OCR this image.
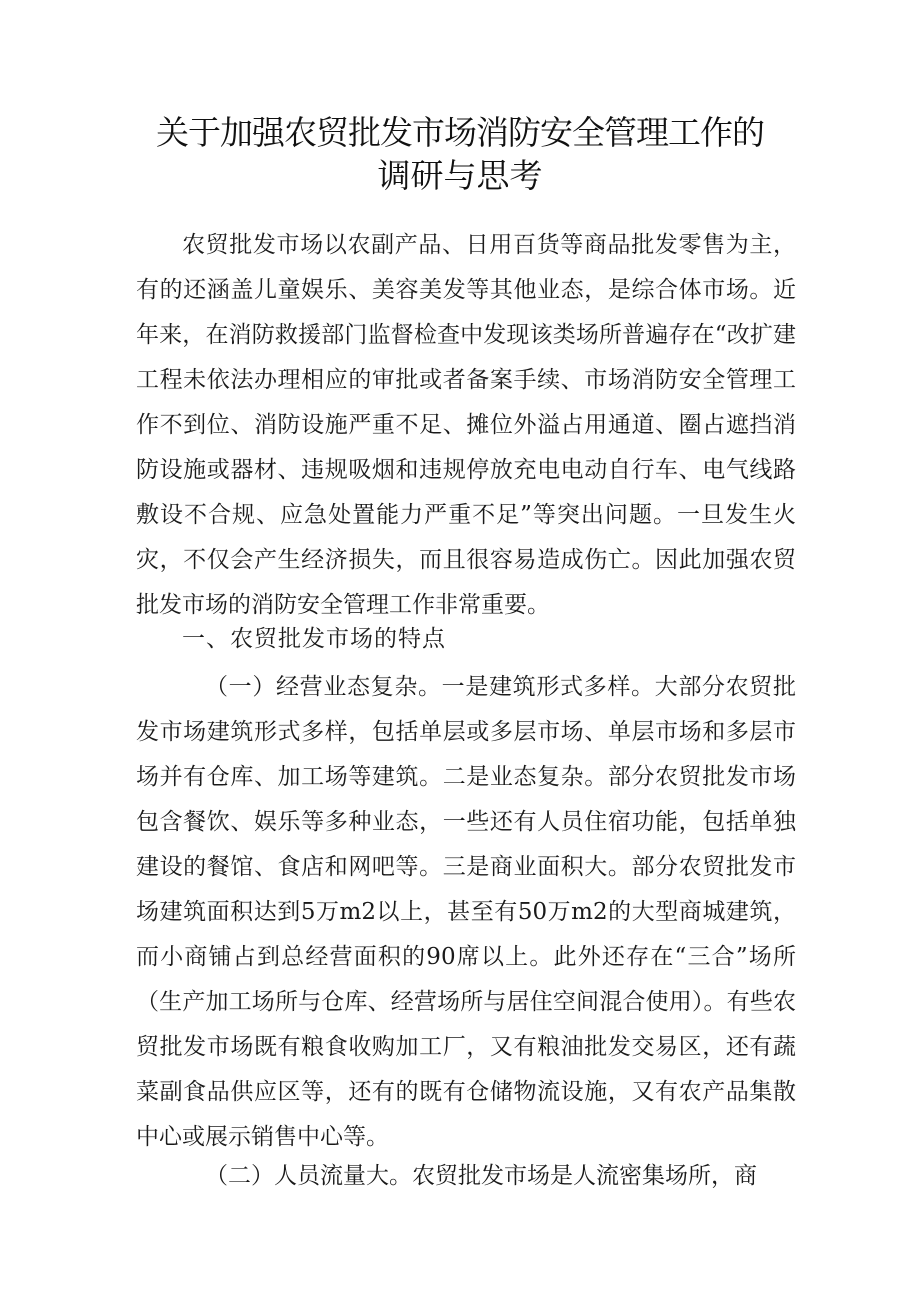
关于加强农贸批发市场消防安全管理工作的
调研与思考

农贸批发市场以农副产品、日用百货等商品批发零售为主，有的还涵盖儿童娱乐、美容美发等其他业态，是综合体市场。近年来，在消防救援部门监督检查中发现该类场所普遍存在“改扩建工程未依法办理相应的审批或者备案手续、市场消防安全管理工作不到位、消防设施严重不足、摊位外溢占用通道、圈占遮挡消防设施或器材、违规吸烟和违规停放充电电动自行车、电气线路敷设不合规、应急处置能力严重不足”等突出问题。一旦发生火灾，不仅会产生经济损失，而且很容易造成伤亡。因此加强农贸批发市场的消防安全管理工作非常重要。

一、农贸批发市场的特点

（一）经营业态复杂。一是建筑形式多样。大部分农贸批发市场建筑形式多样，包括单层或多层市场、单层市场和多层市场并有仓库、加工场等建筑。二是业态复杂。部分农贸批发市场包含餐饮、娱乐等多种业态，一些还有人员住宿功能，包括单独建设的餐馆、食店和网吧等。三是商业面积大。部分农贸批发市场建筑面积达到5万m2以上，甚至有50万m2的大型商城建筑，而小商铺占到总经营面积的90席以上。此外还存在“三合”场所（生产加工场所与仓库、经营场所与居住空间混合使用）。有些农贸批发市场既有粮食收购加工厂，又有粮油批发交易区，还有蔬菜副食品供应区等，还有的既有仓储物流设施，又有农产品集散中心或展示销售中心等。

（二）人员流量大。农贸批发市场是人流密集场所，商
